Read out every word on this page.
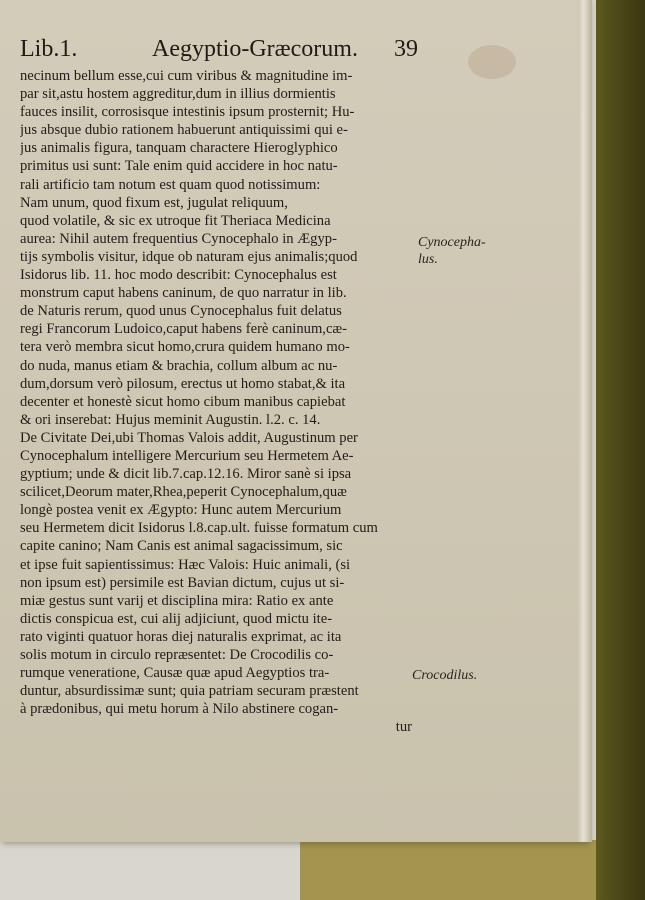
Lib.1.	Aegyptio-Græcorum. 39
necinum bellum esse,cui cum viribus & magnitudine im-
par sit,astu hostem aggreditur,dum in illius dormientis
fauces insilit, corrosisque intestinis ipsum prosternit; Hu-
jus absque dubio rationem habuerunt antiquissimi qui e-
jus animalis figura, tanquam charactere Hieroglyphico
primitus usi sunt: Tale enim quid accidere in hoc natu-
rali artificio tam notum est quam quod notissimum:
Nam unum, quod fixum est, jugulat reliquum,
quod volatile, & sic ex utroque fit Theriaca Medicina
aurea: Nihil autem frequentius Cynocephalo in Ægyp-
tijs symbolis visitur, idque ob naturam ejus animalis;quod
Isidorus lib. 11. hoc modo describit: Cynocephalus est
monstrum caput habens caninum, de quo narratur in lib.
de Naturis rerum, quod unus Cynocephalus fuit delatus
regi Francorum Ludoico,caput habens ferè caninum,cæ-
tera verò membra sicut homo,crura quidem humano mo-
do nuda, manus etiam & brachia, collum album ac nu-
dum,dorsum verò pilosum, erectus ut homo stabat,& ita
decenter et honestè sicut homo cibum manibus capiebat
& ori inserebat: Hujus meminit Augustin. l.2. c. 14.
De Civitate Dei,ubi Thomas Valois addit, Augustinum per
Cynocephalum intelligere Mercurium seu Hermetem Ae-
gyptium; unde & dicit lib.7.cap.12.16. Miror sanè si ipsa
scilicet,Deorum mater,Rhea,peperit Cynocephalum,quæ
longè postea venit ex Ægypto: Hunc autem Mercurium
seu Hermetem dicit Isidorus l.8.cap.ult. fuisse formatum cum
capite canino; Nam Canis est animal sagacissimum, sic
et ipse fuit sapientissimus: Hæc Valois: Huic animali, (si
non ipsum est) persimile est Bavian dictum, cujus ut si-
miæ gestus sunt varij et disciplina mira: Ratio ex ante
dictis conspicua est, cui alij adjiciunt, quod mictu ite-
rato viginti quatuor horas diej naturalis exprimat, ac ita
solis motum in circulo repræsentet: De Crocodilis co-
rumque veneratione, Causæ quæ apud Aegyptios tra-
duntur, absurdissimæ sunt; quia patriam securam præstent
à prædonibus, qui metu horum à Nilo abstinere cogan-
tur
Cynocepha-
lus.
Crocodilus.
